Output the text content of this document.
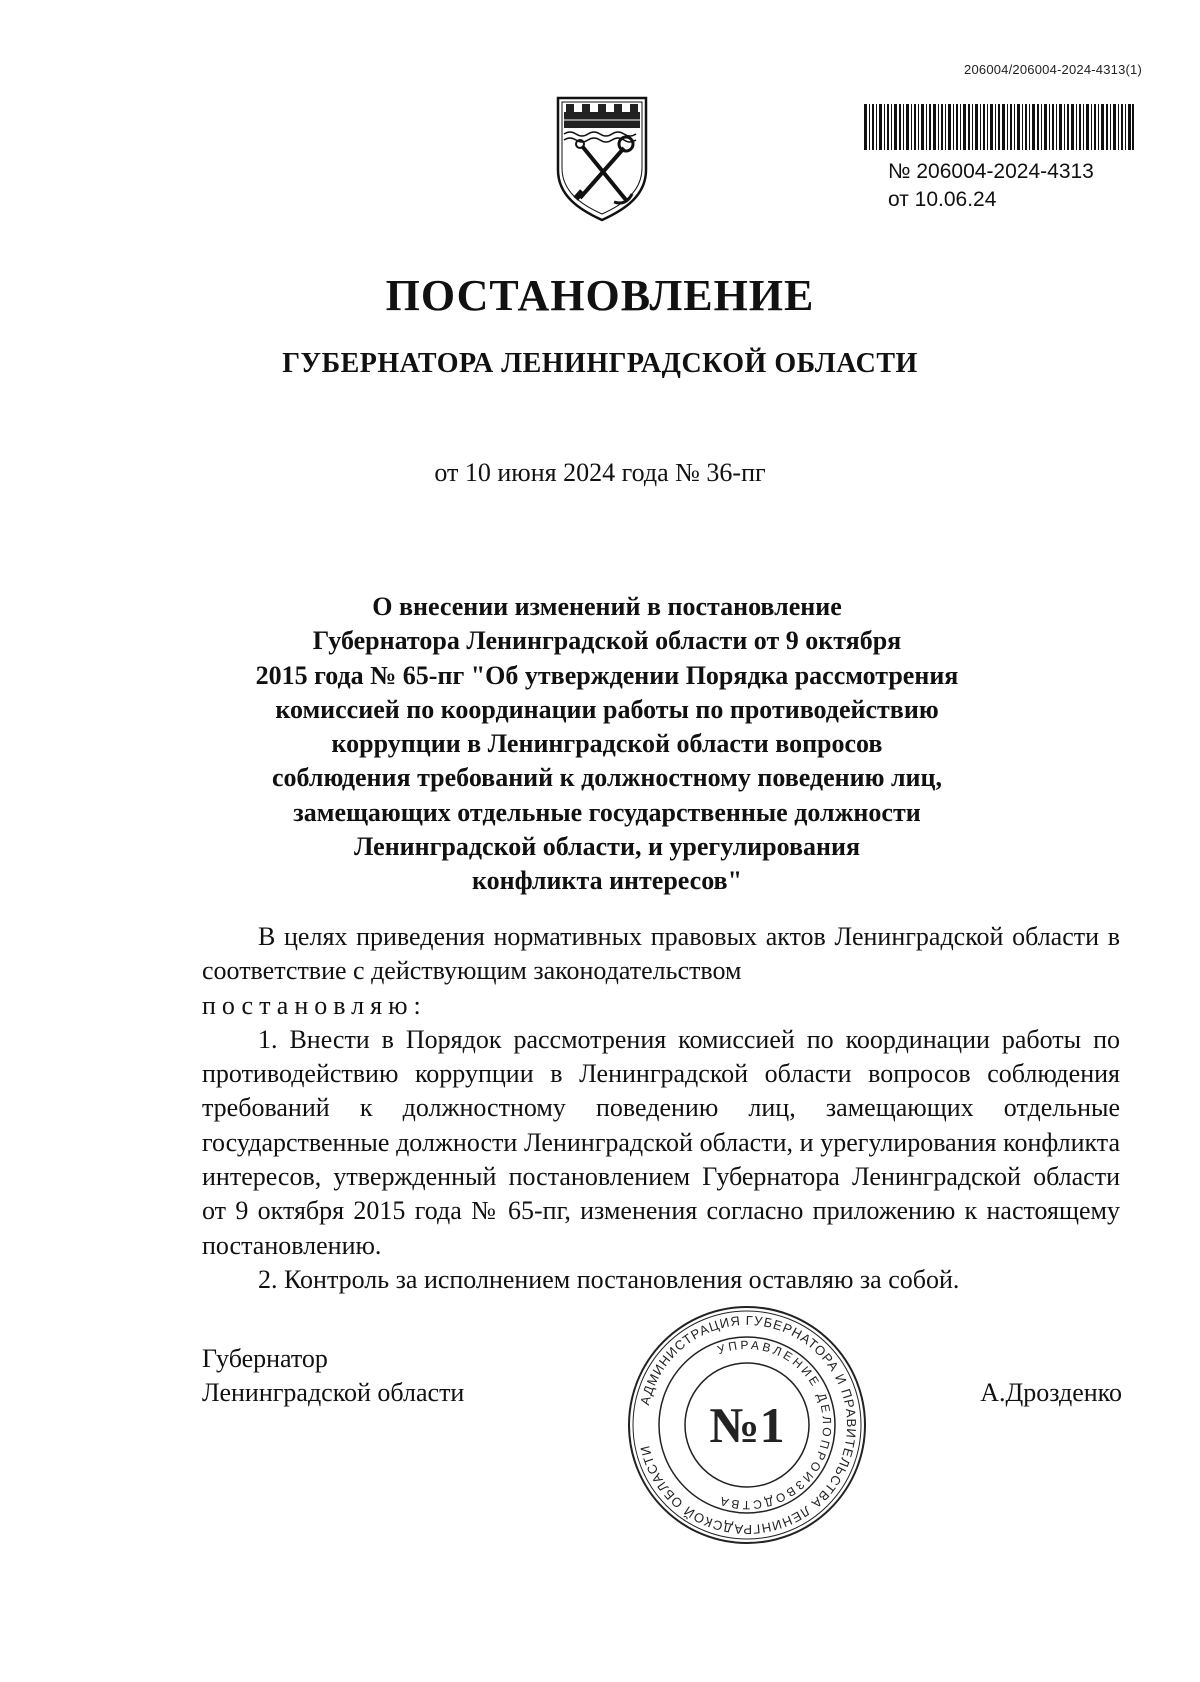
206004/206004-2024-4313(1)
№ 206004-2024-4313
от 10.06.24
ПОСТАНОВЛЕНИЕ
ГУБЕРНАТОРА ЛЕНИНГРАДСКОЙ ОБЛАСТИ
от 10 июня 2024 года № 36-пг
О внесении изменений в постановление
Губернатора Ленинградской области от 9 октября
2015 года № 65-пг "Об утверждении Порядка рассмотрения
комиссией по координации работы по противодействию
коррупции в Ленинградской области вопросов
соблюдения требований к должностному поведению лиц,
замещающих отдельные государственные должности
Ленинградской области, и урегулирования
конфликта интересов"

В целях приведения нормативных правовых актов Ленинградской области в соответствие с действующим законодательством

постановляю:

1. Внести в Порядок рассмотрения комиссией по координации работы по противодействию коррупции в Ленинградской области вопросов соблюдения требований к должностному поведению лиц, замещающих отдельные государственные должности Ленинградской области, и урегулирования конфликта интересов, утвержденный постановлением Губернатора Ленинградской области от 9 октября 2015 года № 65-пг, изменения согласно приложению к настоящему постановлению.

2. Контроль за исполнением постановления оставляю за собой.

Губернатор
Ленинградской области	А.Дрозденко
АДМИНИСТРАЦИЯ ГУБЕРНАТОРА И ПРАВИТЕЛЬСТВА ЛЕНИНГРАДСКОЙ ОБЛАСТИ
УПРАВЛЕНИЕ ДЕЛОПРОИЗВОДСТВА
№1
